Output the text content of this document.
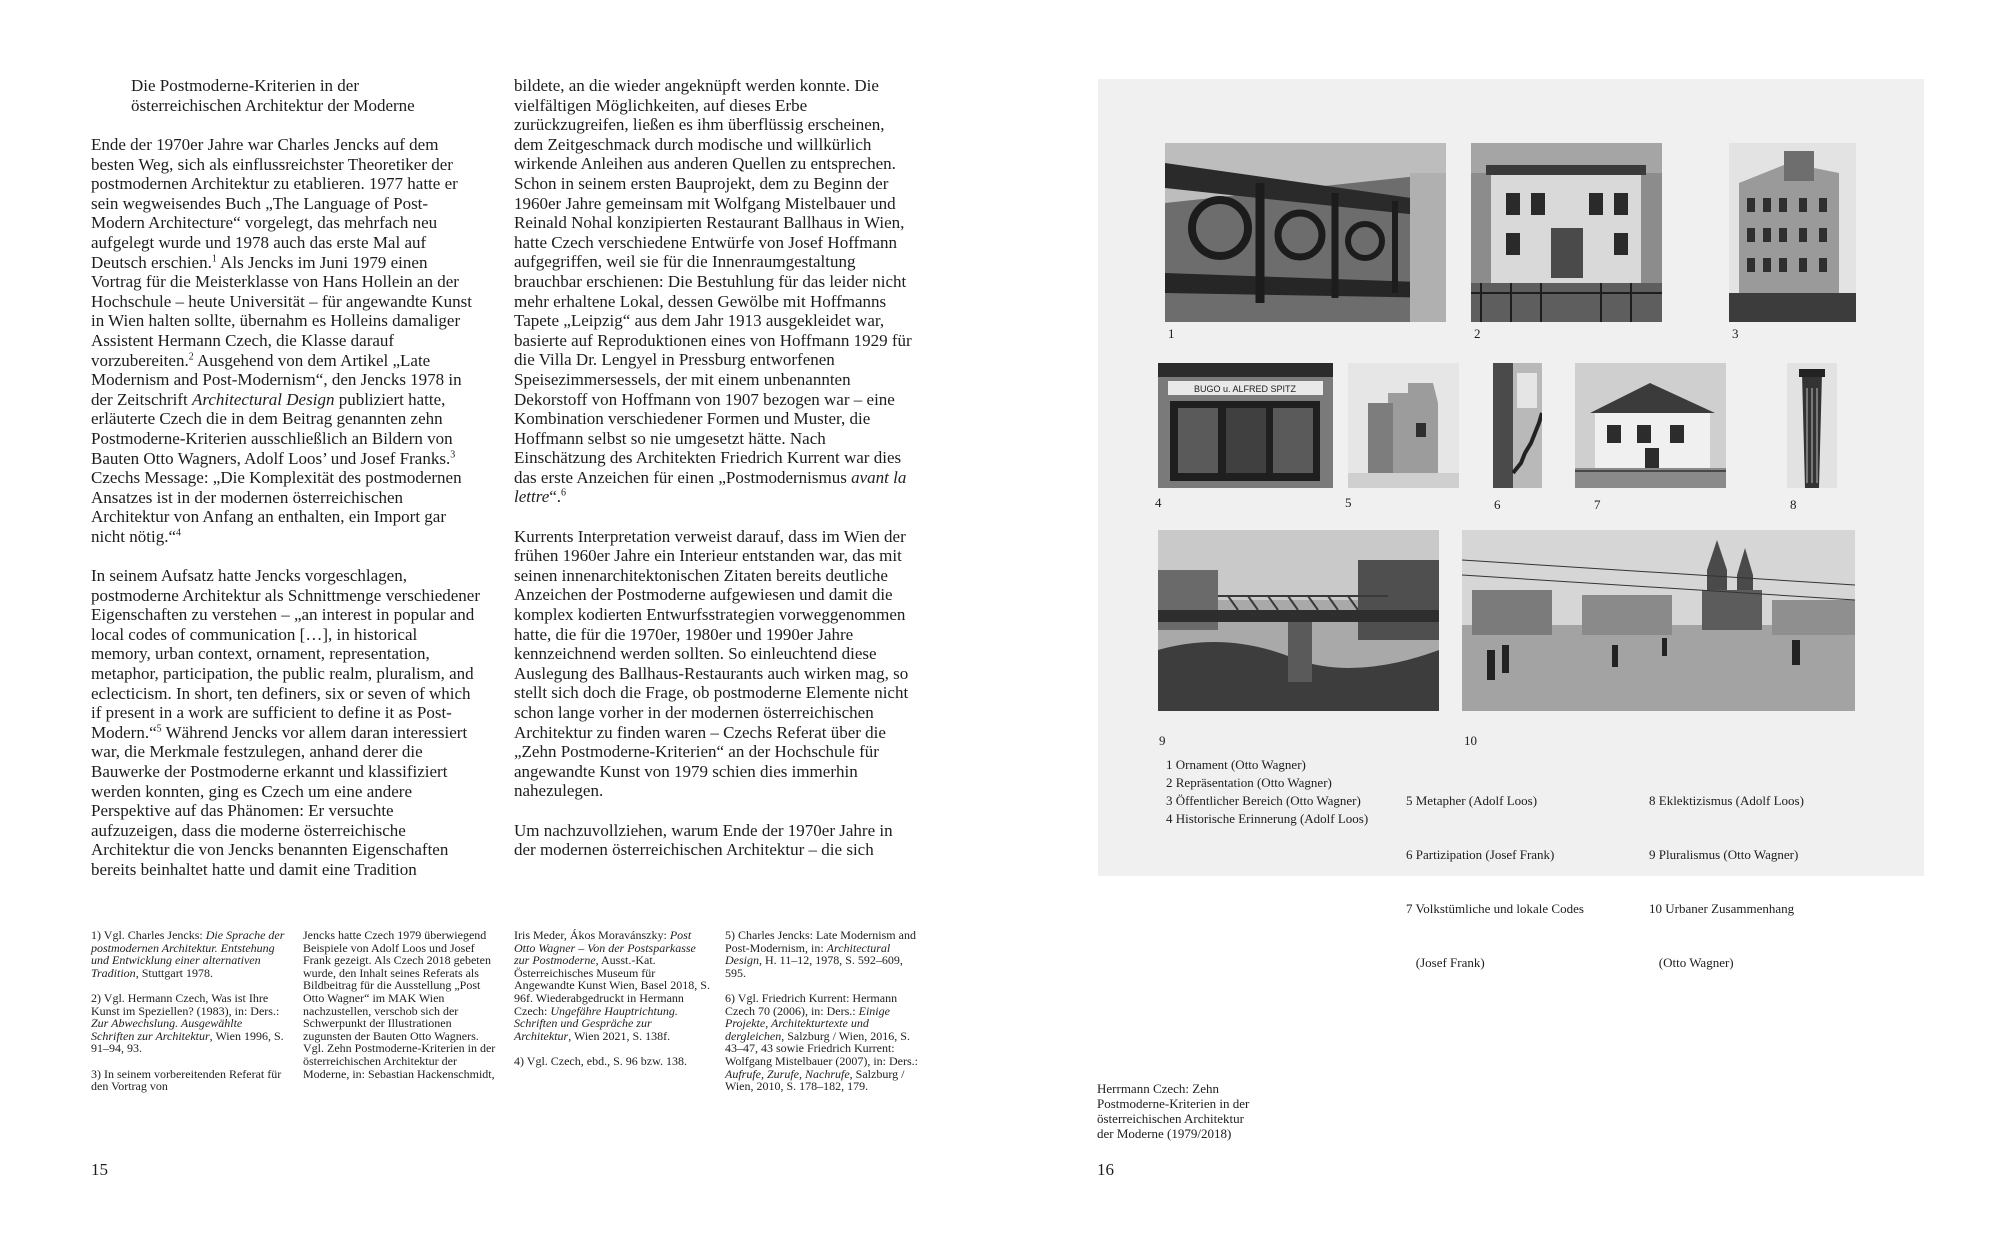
Die Postmoderne-Kriterien in der
österreichischen Architektur der Moderne

Ende der 1970er Jahre war Charles Jencks auf dem besten Weg, sich als einflussreichster Theoretiker der postmodernen Architektur zu etablieren. 1977 hatte er sein wegweisendes Buch „The Language of Post-Modern Architecture“ vorgelegt, das mehrfach neu aufgelegt wurde und 1978 auch das erste Mal auf Deutsch erschien.$^1$ Als Jencks im Juni 1979 einen Vortrag für die Meisterklasse von Hans Hollein an der Hochschule – heute Universität – für angewandte Kunst in Wien halten sollte, übernahm es Holleins damaliger Assistent Hermann Czech, die Klasse darauf vorzubereiten.$^2$ Ausgehend von dem Artikel „Late Modernism and Post-Modernism“, den Jencks 1978 in der Zeitschrift Architectural Design publiziert hatte, erläuterte Czech die in dem Beitrag genannten zehn Postmoderne-Kriterien ausschließlich an Bildern von Bauten Otto Wagners, Adolf Loos’ und Josef Franks.$^3$ Czechs Message: „Die Komplexität des postmodernen Ansatzes ist in der modernen österreichischen Architektur von Anfang an enthalten, ein Import gar nicht nötig.“$^4$

In seinem Aufsatz hatte Jencks vorgeschlagen, postmoderne Architektur als Schnittmenge verschiedener Eigenschaften zu verstehen – „an interest in popular and local codes of communication […], in historical memory, urban context, ornament, representation, metaphor, participation, the public realm, pluralism, and eclecticism. In short, ten definers, six or seven of which if present in a work are sufficient to define it as Post-Modern.“$^5$ Während Jencks vor allem daran interessiert war, die Merkmale festzulegen, anhand derer die Bauwerke der Postmoderne erkannt und klassifiziert werden konnten, ging es Czech um eine andere Perspektive auf das Phänomen: Er versuchte aufzuzeigen, dass die moderne österreichische Architektur die von Jencks benannten Eigenschaften bereits beinhaltet hatte und damit eine Tradition

bildete, an die wieder angeknüpft werden konnte. Die vielfältigen Möglichkeiten, auf dieses Erbe zurückzugreifen, ließen es ihm überflüssig erscheinen, dem Zeitgeschmack durch modische und willkürlich wirkende Anleihen aus anderen Quellen zu entsprechen. Schon in seinem ersten Bauprojekt, dem zu Beginn der 1960er Jahre gemeinsam mit Wolfgang Mistelbauer und Reinald Nohal konzipierten Restaurant Ballhaus in Wien, hatte Czech verschiedene Entwürfe von Josef Hoffmann aufgegriffen, weil sie für die Innenraumgestaltung brauchbar erschienen: Die Bestuhlung für das leider nicht mehr erhaltene Lokal, dessen Gewölbe mit Hoffmanns Tapete „Leipzig“ aus dem Jahr 1913 ausgekleidet war, basierte auf Reproduktionen eines von Hoffmann 1929 für die Villa Dr. Lengyel in Pressburg entworfenen Speisezimmersessels, der mit einem unbenannten Dekorstoff von Hoffmann von 1907 bezogen war – eine Kombination verschiedener Formen und Muster, die Hoffmann selbst so nie umgesetzt hätte. Nach Einschätzung des Architekten Friedrich Kurrent war dies das erste Anzeichen für einen „Postmodernismus avant la lettre“.$^6$

Kurrents Interpretation verweist darauf, dass im Wien der frühen 1960er Jahre ein Interieur entstanden war, das mit seinen innenarchitektonischen Zitaten bereits deutliche Anzeichen der Postmoderne aufgewiesen und damit die komplex kodierten Entwurfsstrategien vorweggenommen hatte, die für die 1970er, 1980er und 1990er Jahre kennzeichnend werden sollten. So einleuchtend diese Auslegung des Ballhaus-Restaurants auch wirken mag, so stellt sich doch die Frage, ob postmoderne Elemente nicht schon lange vorher in der modernen österreichischen Architektur zu finden waren – Czechs Referat über die „Zehn Postmoderne-Kriterien“ an der Hochschule für angewandte Kunst von 1979 schien dies immerhin nahezulegen.

Um nachzuvollziehen, warum Ende der 1970er Jahre in der modernen österreichischen Architektur – die sich

1) Vgl. Charles Jencks: Die Sprache der postmodernen Architektur. Entstehung und Entwicklung einer alternativen Tradition, Stuttgart 1978.

2) Vgl. Hermann Czech, Was ist Ihre Kunst im Speziellen? (1983), in: Ders.: Zur Abwechslung. Ausgewählte Schriften zur Architektur, Wien 1996, S. 91–94, 93.

3) In seinem vorbereitenden Referat für den Vortrag von

Jencks hatte Czech 1979 überwiegend Beispiele von Adolf Loos und Josef Frank gezeigt. Als Czech 2018 gebeten wurde, den Inhalt seines Referats als Bildbeitrag für die Ausstellung „Post Otto Wagner“ im MAK Wien nachzustellen, verschob sich der Schwerpunkt der Illustrationen zugunsten der Bauten Otto Wagners. Vgl. Zehn Postmoderne-Kriterien in der österreichischen Architektur der Moderne, in: Sebastian Hackenschmidt,

Iris Meder, Ákos Moravánszky: Post Otto Wagner – Von der Postsparkasse zur Postmoderne, Ausst.-Kat. Österreichisches Museum für Angewandte Kunst Wien, Basel 2018, S. 96f. Wiederabgedruckt in Hermann Czech: Ungefähre Hauptrichtung. Schriften und Gespräche zur Architektur, Wien 2021, S. 138f.

4) Vgl. Czech, ebd., S. 96 bzw. 138.

5) Charles Jencks: Late Modernism and Post-Modernism, in: Architectural Design, H. 11–12, 1978, S. 592–609, 595.

6) Vgl. Friedrich Kurrent: Hermann Czech 70 (2006), in: Ders.: Einige Projekte, Architekturtexte und dergleichen, Salzburg / Wien, 2016, S. 43–47, 43 sowie Friedrich Kurrent: Wolfgang Mistelbauer (2007), in: Ders.: Aufrufe, Zurufe, Nachrufe, Salzburg / Wien, 2010, S. 178–182, 179.

15
1	2	3
BUGO u. ALFRED SPITZ
4	5	6	7	8
9	10
1 Ornament (Otto Wagner)
2 Repräsentation (Otto Wagner)
3 Öffentlicher Bereich (Otto Wagner)
4 Historische Erinnerung (Adolf Loos)

5 Metapher (Adolf Loos)

6 Partizipation (Josef Frank)

7 Volkstümliche und lokale Codes

(Josef Frank)

8 Eklektizismus (Adolf Loos)

9 Pluralismus (Otto Wagner)

10 Urbaner Zusammenhang

(Otto Wagner)

Herrmann Czech: Zehn
Postmoderne-Kriterien in der
österreichischen Architektur
der Moderne (1979/2018)
16
